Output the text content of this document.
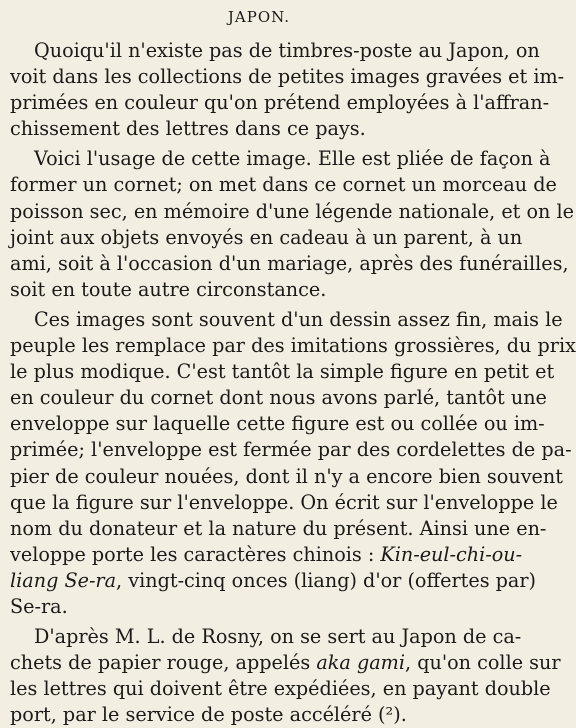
JAPON.

Quoiqu'il n'existe pas de timbres-poste au Japon, on
voit dans les collections de petites images gravées et im-
primées en couleur qu'on prétend employées à l'affran-
chissement des lettres dans ce pays.

Voici l'usage de cette image. Elle est pliée de façon à
former un cornet; on met dans ce cornet un morceau de
poisson sec, en mémoire d'une légende nationale, et on le
joint aux objets envoyés en cadeau à un parent, à un
ami, soit à l'occasion d'un mariage, après des funérailles,
soit en toute autre circonstance.

Ces images sont souvent d'un dessin assez fin, mais le
peuple les remplace par des imitations grossières, du prix
le plus modique. C'est tantôt la simple figure en petit et
en couleur du cornet dont nous avons parlé, tantôt une
enveloppe sur laquelle cette figure est ou collée ou im-
primée; l'enveloppe est fermée par des cordelettes de pa-
pier de couleur nouées, dont il n'y a encore bien souvent
que la figure sur l'enveloppe. On écrit sur l'enveloppe le
nom du donateur et la nature du présent. Ainsi une en-
veloppe porte les caractères chinois : Kin-eul-chi-ou-
liang Se-ra, vingt-cinq onces (liang) d'or (offertes par)
Se-ra.

D'après M. L. de Rosny, on se sert au Japon de ca-
chets de papier rouge, appelés aka gami, qu'on colle sur
les lettres qui doivent être expédiées, en payant double
port, par le service de poste accéléré (²).
